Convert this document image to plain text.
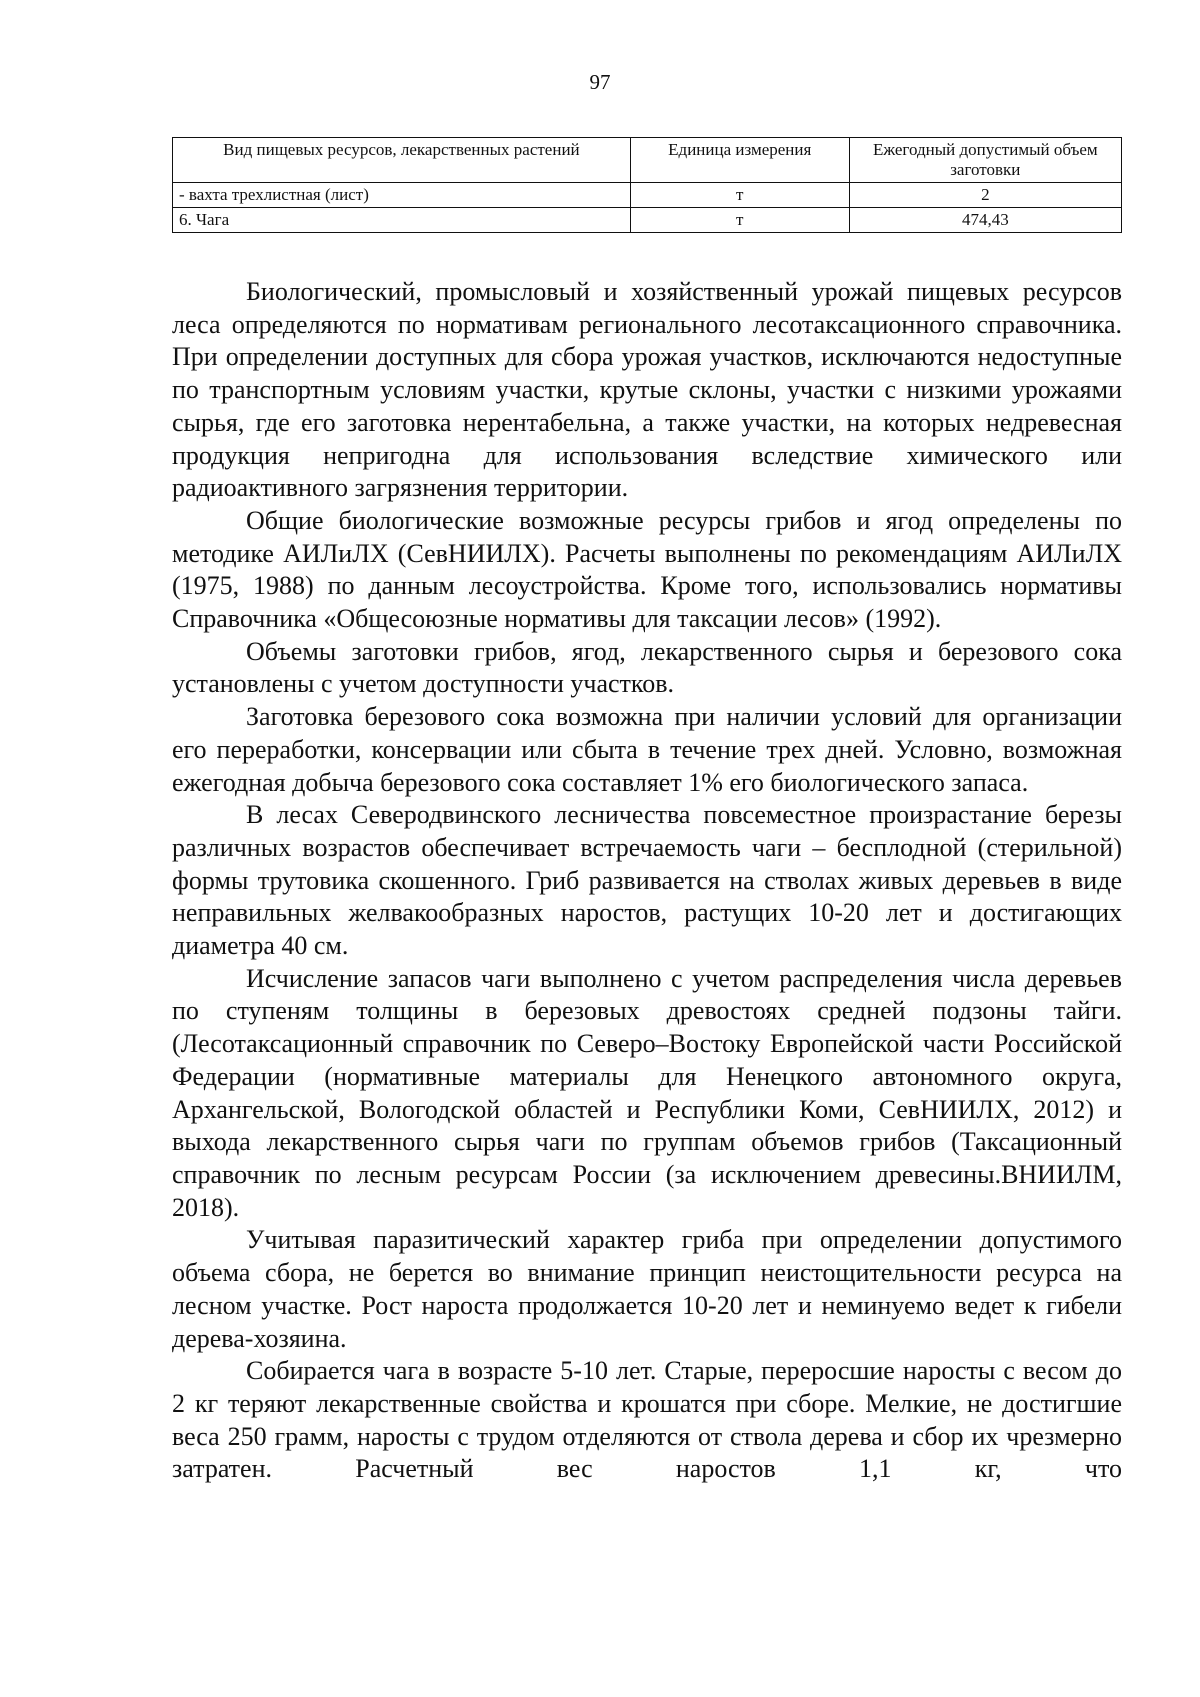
97
Вид пищевых ресурсов, лекарственных растений	Единица измерения	Ежегодный допустимый объем заготовки
- вахта трехлистная (лист)	т	2
6. Чага	т	474,43

Биологический, промысловый и хозяйственный урожай пищевых ресурсов леса определяются по нормативам регионального лесотаксационного справочника. При определении доступных для сбора урожая участков, исключаются недоступные по транспортным условиям участки, крутые склоны, участки с низкими урожаями сырья, где его заготовка нерентабельна, а также участки, на которых недревесная продукция непригодна для использования вследствие химического или радиоактивного загрязнения территории.

Общие биологические возможные ресурсы грибов и ягод определены по методике АИЛиЛХ (СевНИИЛХ). Расчеты выполнены по рекомендациям АИЛиЛХ (1975, 1988) по данным лесоустройства. Кроме того, использовались нормативы Справочника «Общесоюзные нормативы для таксации лесов» (1992).

Объемы заготовки грибов, ягод, лекарственного сырья и березового сока установлены с учетом доступности участков.

Заготовка березового сока возможна при наличии условий для организации его переработки, консервации или сбыта в течение трех дней. Условно, возможная ежегодная добыча березового сока составляет 1% его биологического запаса.

В лесах Северодвинского лесничества повсеместное произрастание березы различных возрастов обеспечивает встречаемость чаги – бесплодной (стерильной) формы трутовика скошенного. Гриб развивается на стволах живых деревьев в виде неправильных желвакообразных наростов, растущих 10-20 лет и достигающих диаметра 40 см.

Исчисление запасов чаги выполнено с учетом распределения числа деревьев по ступеням толщины в березовых древостоях средней подзоны тайги. (Лесотаксационный справочник по Северо–Востоку Европейской части Российской Федерации (нормативные материалы для Ненецкого автономного округа, Архангельской, Вологодской областей и Республики Коми, СевНИИЛХ, 2012) и выхода лекарственного сырья чаги по группам объемов грибов (Таксационный справочник по лесным ресурсам России (за исключением древесины.ВНИИЛМ, 2018).

Учитывая паразитический характер гриба при определении допустимого объема сбора, не берется во внимание принцип неистощительности ресурса на лесном участке. Рост нароста продолжается 10-20 лет и неминуемо ведет к гибели дерева-хозяина.

Собирается чага в возрасте 5-10 лет. Старые, переросшие наросты с весом до 2 кг теряют лекарственные свойства и крошатся при сборе. Мелкие, не достигшие веса 250 грамм, наросты с трудом отделяются от ствола дерева и сбор их чрезмерно затратен. Расчетный вес наростов 1,1 кг, что
